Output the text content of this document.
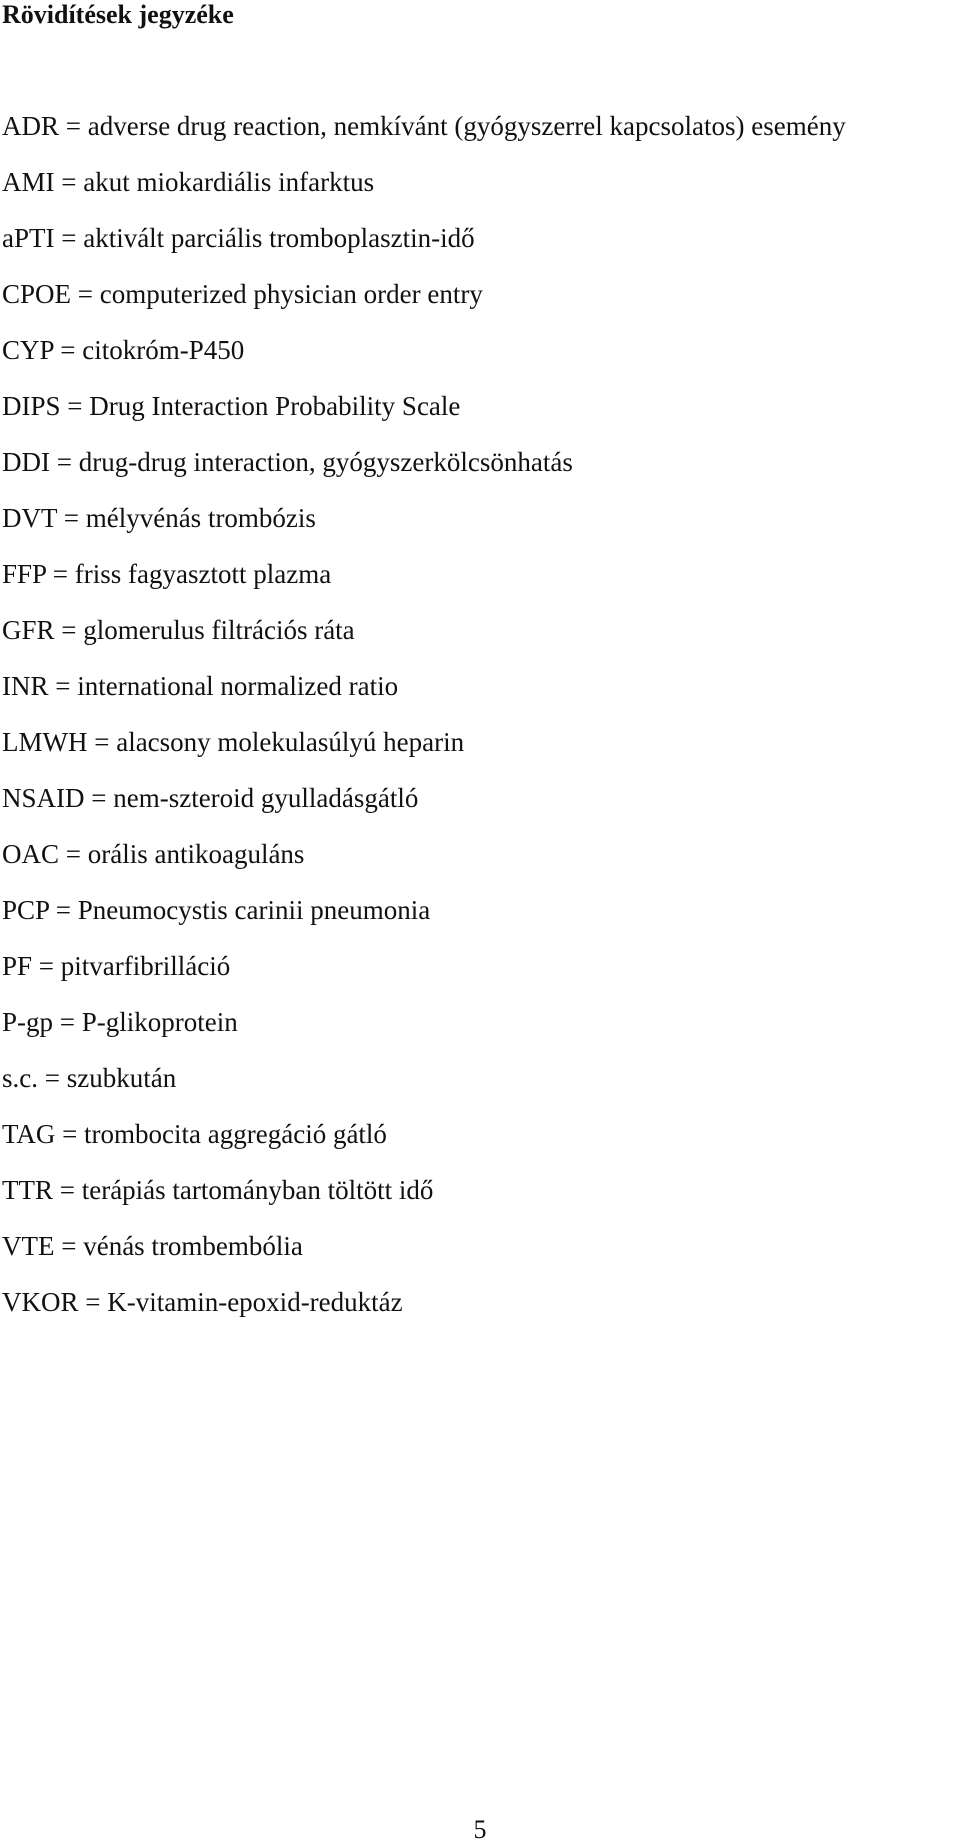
Rövidítések jegyzéke
ADR = adverse drug reaction, nemkívánt (gyógyszerrel kapcsolatos) esemény
AMI = akut miokardiális infarktus
aPTI = aktivált parciális tromboplasztin-idő
CPOE = computerized physician order entry
CYP = citokróm-P450
DIPS = Drug Interaction Probability Scale
DDI = drug-drug interaction, gyógyszerkölcsönhatás
DVT = mélyvénás trombózis
FFP = friss fagyasztott plazma
GFR = glomerulus filtrációs ráta
INR = international normalized ratio
LMWH = alacsony molekulasúlyú heparin
NSAID = nem-szteroid gyulladásgátló
OAC = orális antikoaguláns
PCP = Pneumocystis carinii pneumonia
PF = pitvarfibrilláció
P-gp = P-glikoprotein
s.c. = szubkután
TAG = trombocita aggregáció gátló
TTR = terápiás tartományban töltött idő
VTE = vénás trombembólia
VKOR = K-vitamin-epoxid-reduktáz
5
